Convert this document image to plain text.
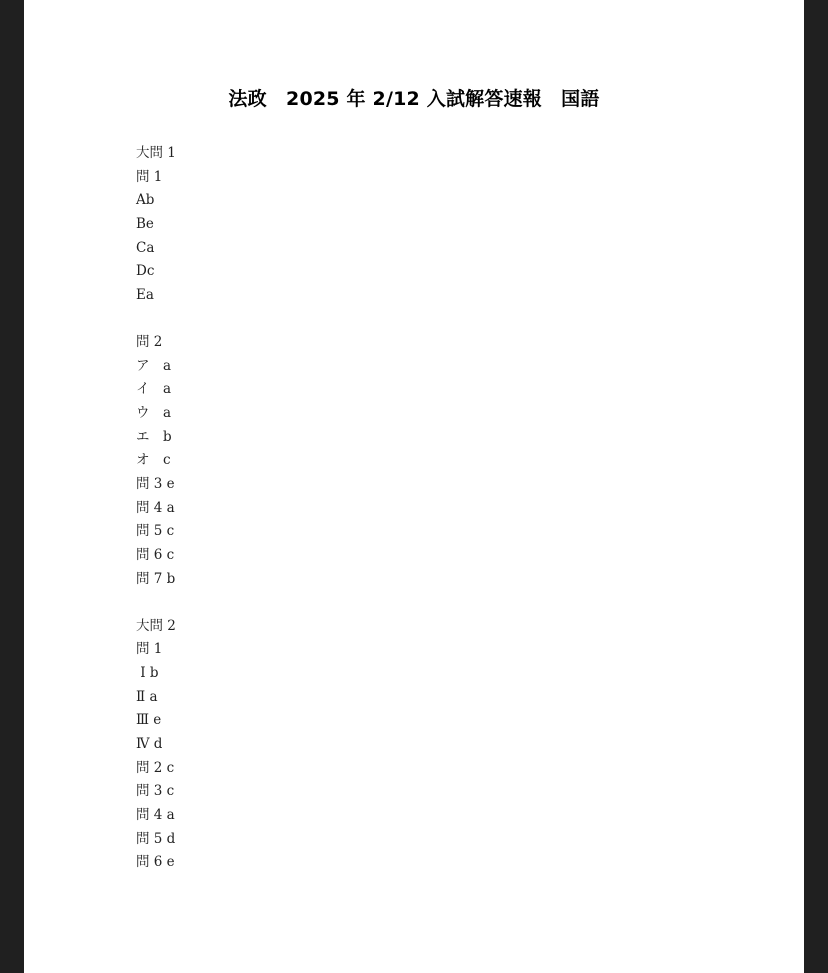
法政　2025 年 2/12 入試解答速報　国語
大問 1
問 1
Ab
Be
Ca
Dc
Ea
問 2
ア　a
イ　a
ウ　a
エ　b
オ　c
問 3 e
問 4 a
問 5 c
問 6 c
問 7 b
大問 2
問 1
Ⅰ b
Ⅱ a
Ⅲ e
Ⅳ d
問 2 c
問 3 c
問 4 a
問 5 d
問 6 e
